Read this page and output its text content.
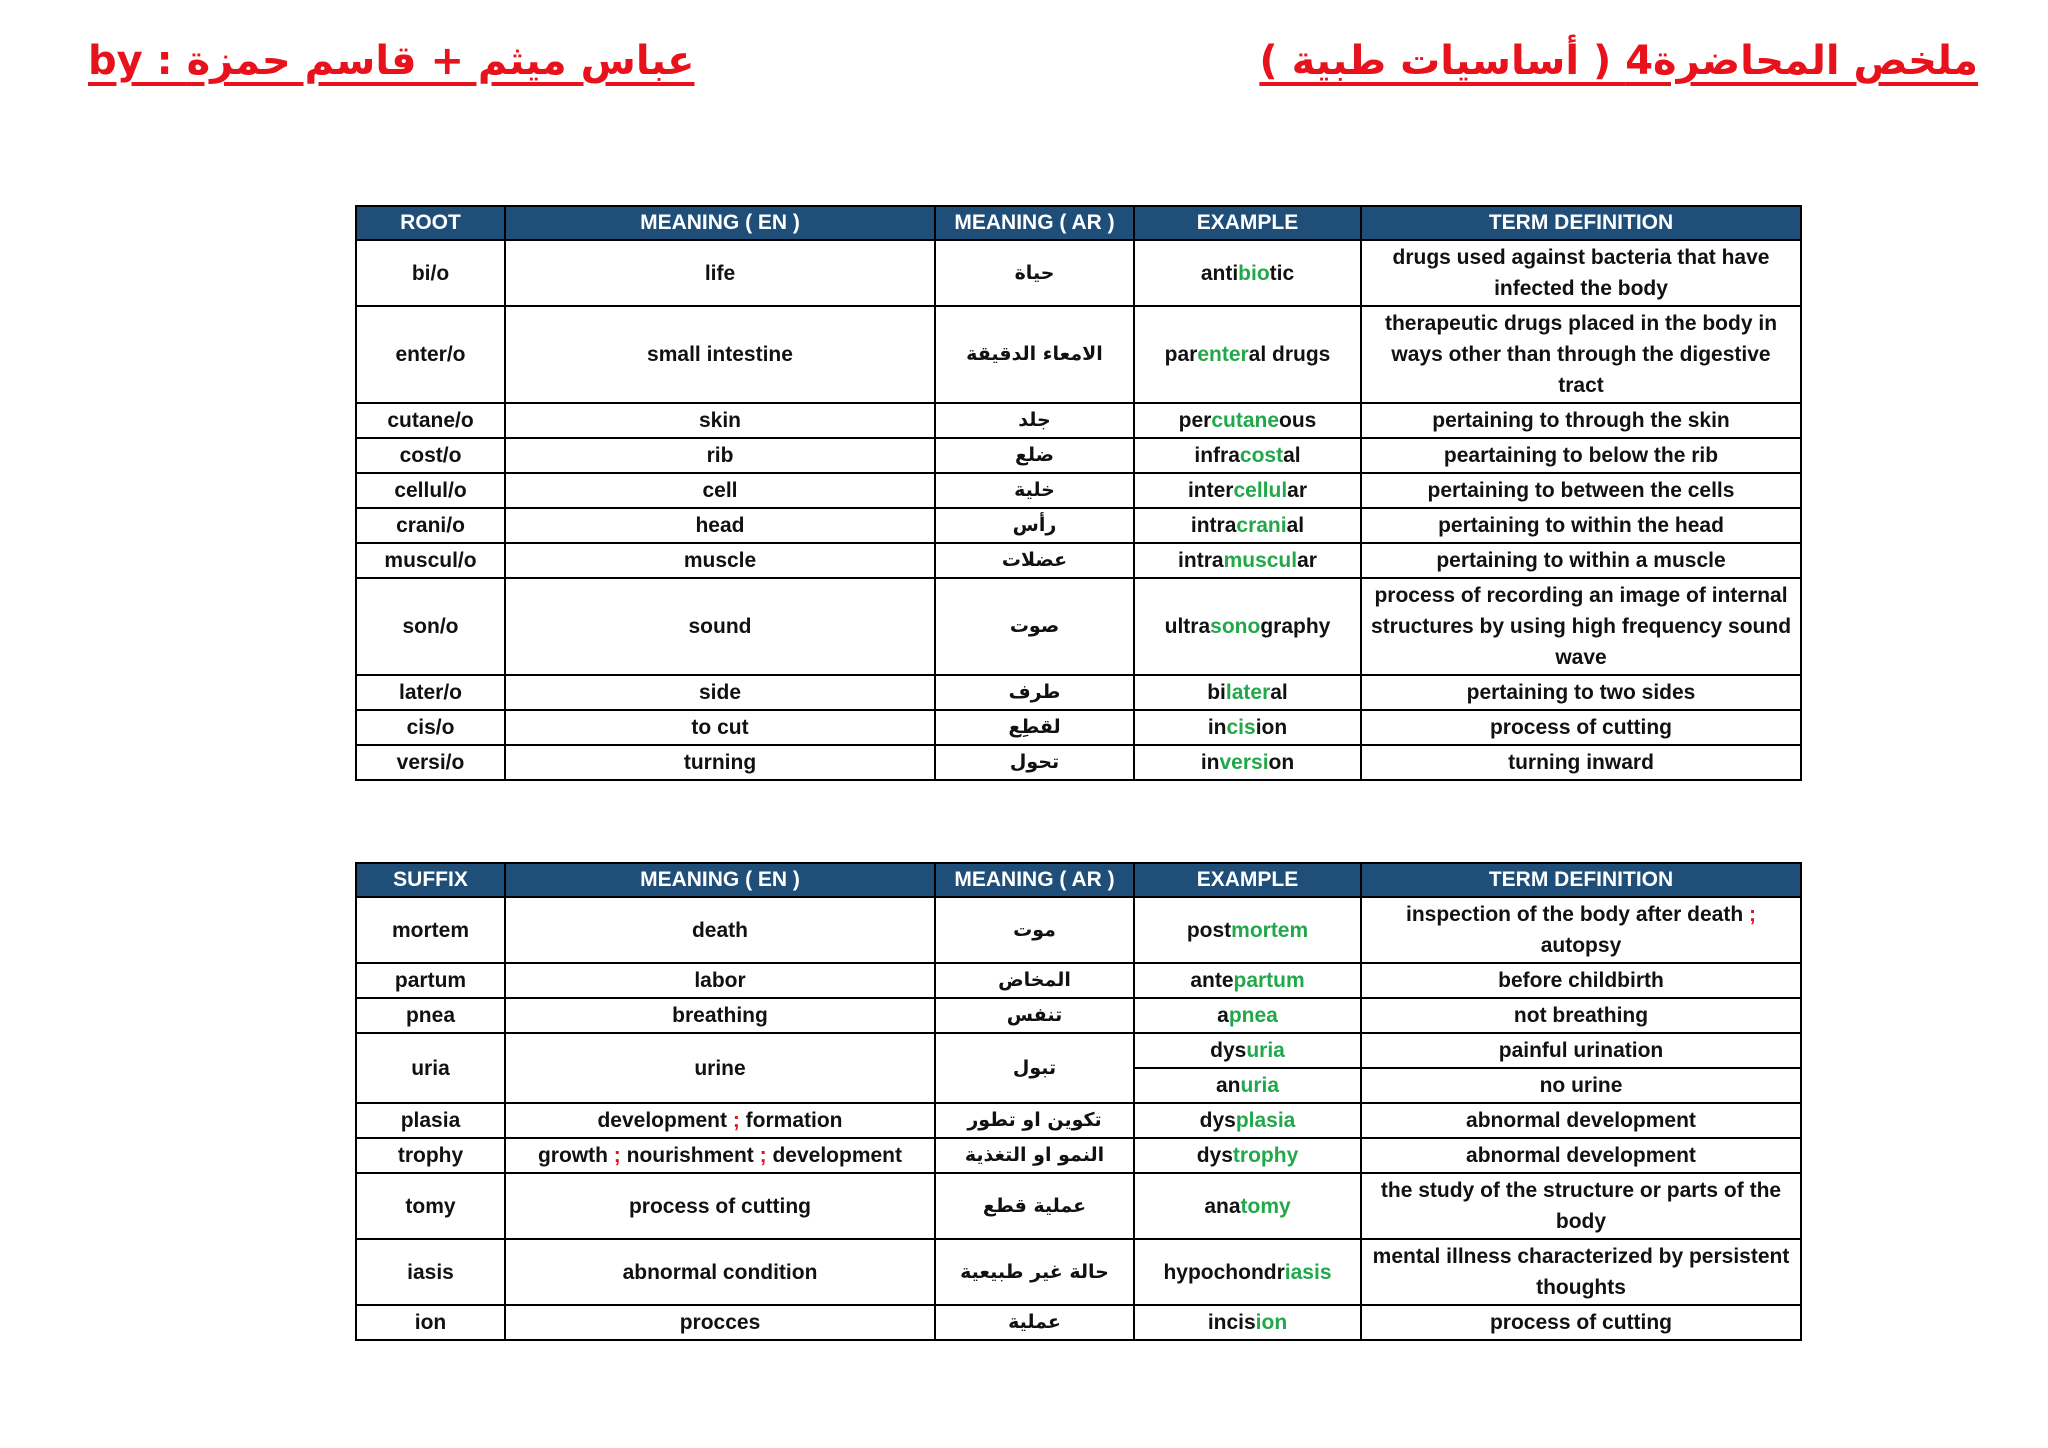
by : عباس ميثم + قاسم حمزة	ملخص المحاضرة4 ( أساسيات طبية )
ROOT	MEANING ( EN )	MEANING ( AR )	EXAMPLE	TERM DEFINITION
bi/o	life	حياة	antibiotic	drugs used against bacteria that have infected the body
enter/o	small intestine	الامعاء الدقيقة	parenteral drugs	therapeutic drugs placed in the body in ways other than through the digestive tract
cutane/o	skin	جلد	percutaneous	pertaining to through the skin
cost/o	rib	ضلع	infracostal	peartaining to below the rib
cellul/o	cell	خلية	intercellular	pertaining to between the cells
crani/o	head	رأس	intracranial	pertaining to within the head
muscul/o	muscle	عضلات	intramuscular	pertaining to within a muscle
son/o	sound	صوت	ultrasonography	process of recording an image of internal structures by using high frequency sound wave
later/o	side	طرف	bilateral	pertaining to two sides
cis/o	to cut	لقطِع	incision	process of cutting
versi/o	turning	تحول	inversion	turning inward
SUFFIX	MEANING ( EN )	MEANING ( AR )	EXAMPLE	TERM DEFINITION
mortem	death	موت	postmortem	inspection of the body after death ; autopsy
partum	labor	المخاض	antepartum	before childbirth
pnea	breathing	تنفس	apnea	not breathing
uria	urine	تبول	dysuria	painful urination
			anuria	no urine
plasia	development ; formation	تكوين او تطور	dysplasia	abnormal development
trophy	growth ; nourishment ; development	النمو او التغذية	dystrophy	abnormal development
tomy	process of cutting	عملية قطع	anatomy	the study of the structure or parts of the body
iasis	abnormal condition	حالة غير طبيعية	hypochondriasis	mental illness characterized by persistent thoughts
ion	procces	عملية	incision	process of cutting
